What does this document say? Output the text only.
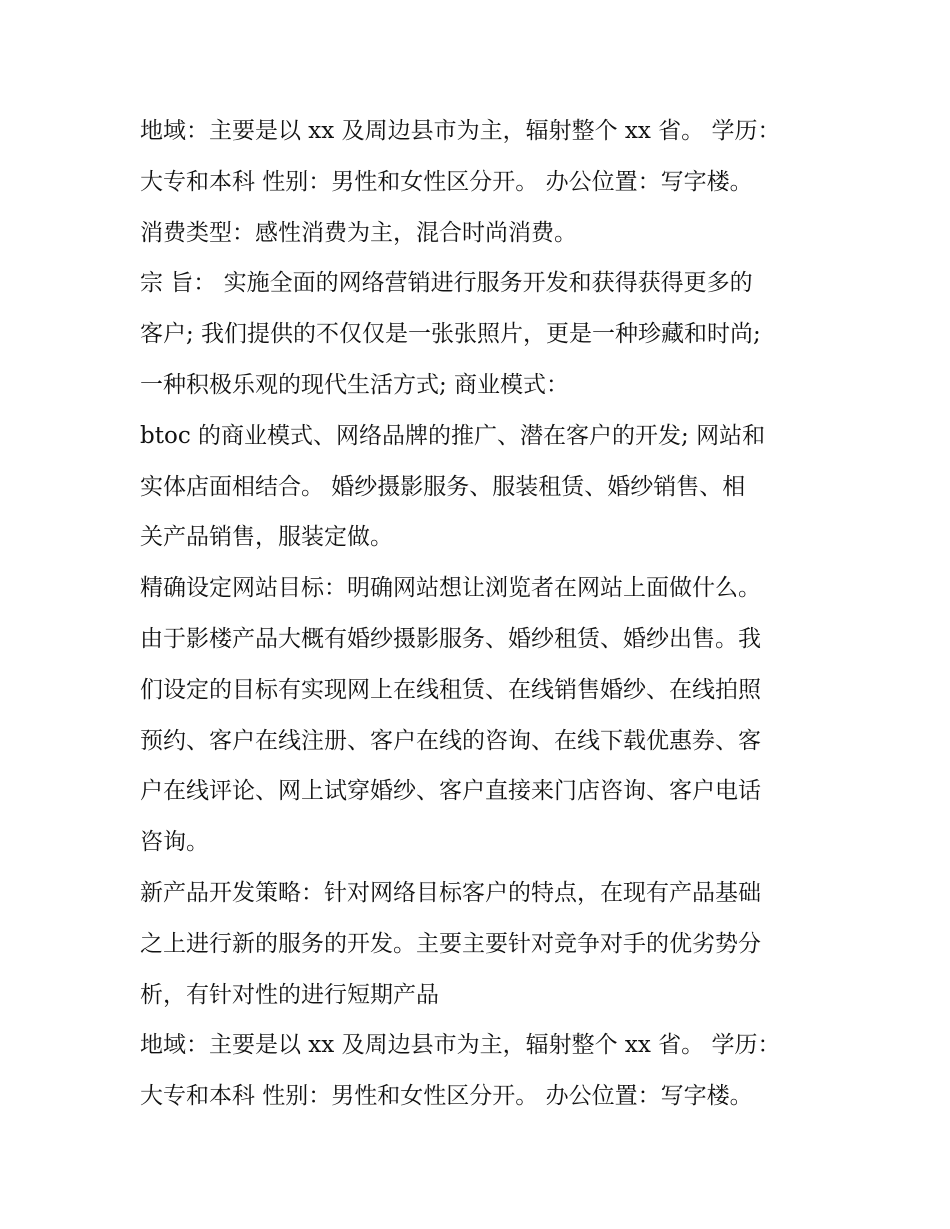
地域：主要是以 xx 及周边县市为主，辐射整个 xx 省。 学历：

大专和本科 性别：男性和女性区分开。 办公位置：写字楼。

消费类型：感性消费为主，混合时尚消费。

宗 旨： 实施全面的网络营销进行服务开发和获得获得更多的

客户; 我们提供的不仅仅是一张张照片，更是一种珍藏和时尚;

一种积极乐观的现代生活方式; 商业模式：

btoc 的商业模式、网络品牌的推广、潜在客户的开发; 网站和

实体店面相结合。 婚纱摄影服务、服装租赁、婚纱销售、相

关产品销售，服装定做。

精确设定网站目标：明确网站想让浏览者在网站上面做什么。

由于影楼产品大概有婚纱摄影服务、婚纱租赁、婚纱出售。我

们设定的目标有实现网上在线租赁、在线销售婚纱、在线拍照

预约、客户在线注册、客户在线的咨询、在线下载优惠券、客

户在线评论、网上试穿婚纱、客户直接来门店咨询、客户电话

咨询。

新产品开发策略：针对网络目标客户的特点，在现有产品基础

之上进行新的服务的开发。主要主要针对竞争对手的优劣势分

析，有针对性的进行短期产品

地域：主要是以 xx 及周边县市为主，辐射整个 xx 省。 学历：

大专和本科 性别：男性和女性区分开。 办公位置：写字楼。
